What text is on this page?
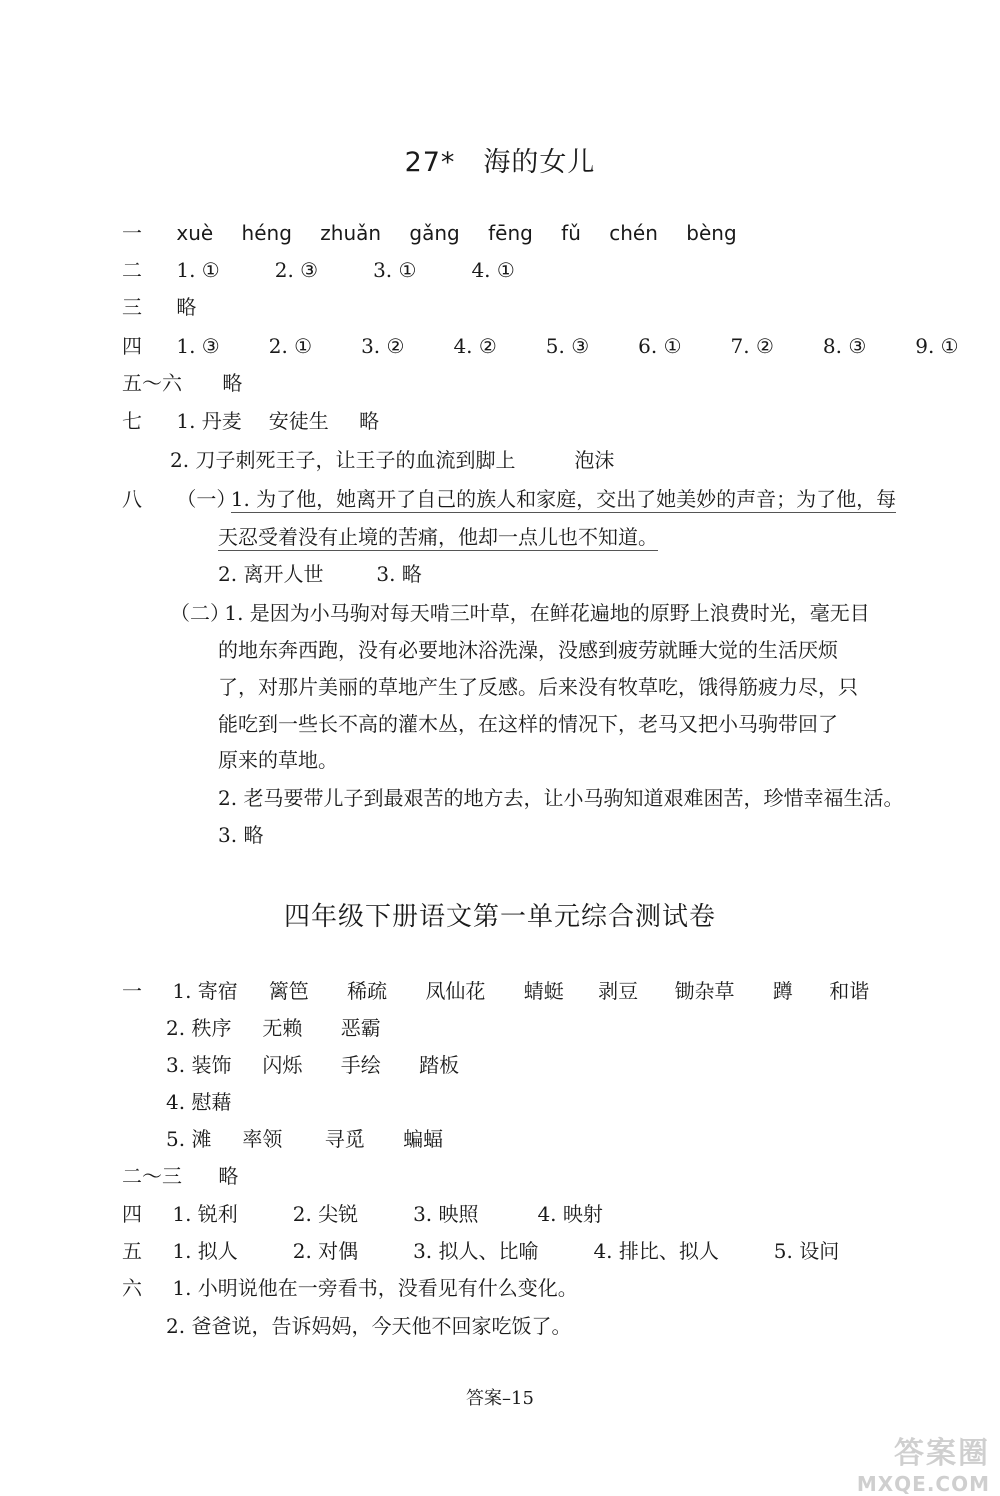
27*　海的女儿
一 xuè héng zhuǎn gǎng fēng fǔ chén bèng
二 1. ①	2. ③	3. ①	4. ①
三 略
四 1. ③ 2. ① 3. ② 4. ② 5. ③ 6. ① 7. ② 8. ③ 9. ①
五～六 略
七 1. 丹麦 安徒生 略
2. 刀子刺死王子，让王子的血流到脚上	泡沫
八 （一） 1. 为了他，她离开了自己的族人和家庭，交出了她美妙的声音；为了他，每
天忍受着没有止境的苦痛，他却一点儿也不知道。
2. 离开人世	3. 略
（二） 1. 是因为小马驹对每天啃三叶草，在鲜花遍地的原野上浪费时光，毫无目
的地东奔西跑，没有必要地沐浴洗澡，没感到疲劳就睡大觉的生活厌烦
了，对那片美丽的草地产生了反感。后来没有牧草吃，饿得筋疲力尽，只
能吃到一些长不高的灌木丛，在这样的情况下，老马又把小马驹带回了
原来的草地。
2. 老马要带儿子到最艰苦的地方去，让小马驹知道艰难困苦，珍惜幸福生活。
3. 略
四年级下册语文第一单元综合测试卷
一 1. 寄宿 篱笆 稀疏 凤仙花 蜻蜓 剥豆 锄杂草 蹲 和谐
2. 秩序 无赖 恶霸
3. 装饰 闪烁 手绘 踏板
4. 慰藉
5. 滩 率领 寻觅 蝙蝠
二～三 略
四 1. 锐利	2. 尖锐	3. 映照	4. 映射
五 1. 拟人	2. 对偶	3. 拟人、比喻	4. 排比、拟人	5. 设问
六 1. 小明说他在一旁看书，没看见有什么变化。
2. 爸爸说，告诉妈妈，今天他不回家吃饭了。
答案–15
答案圈
MXQE.COM
